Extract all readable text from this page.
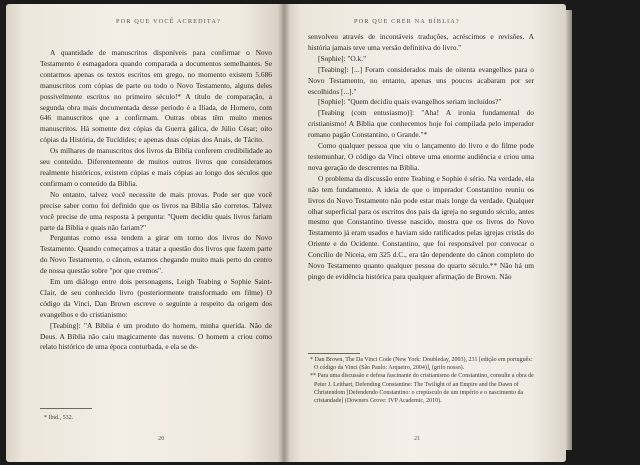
POR QUE VOCÊ ACREDITA?

A quantidade de manuscritos disponíveis para confirmar o Novo Testamento é esmagadora quando comparada a documentos semelhantes. Se contarmos apenas os textos escritos em grego, no momento existem 5.686 manuscritos com cópias de parte ou todo o Novo Testamento, alguns deles possivelmente escritos no primeiro século!* A título de comparação, a segunda obra mais documentada desse período é a Ilíada, de Homero, com 646 manuscritos que a confirmam. Outras obras têm muito menos manuscritos. Há somente dez cópias da Guerra gálica, de Júlio César; oito cópias da História, de Tucídides; e apenas duas cópias dos Anais, de Tácito.

Os milhares de manuscritos dos livros da Bíblia conferem credibilidade ao seu conteúdo. Diferentemente de muitos outros livros que consideramos realmente históricos, existem cópias e mais cópias ao longo dos séculos que confirmam o conteúdo da Bíblia.

No entanto, talvez você necessite de mais provas. Pode ser que você precise saber como foi definido que os livros na Bíblia são corretos. Talvez você precise de uma resposta à pergunta: "Quem decidiu quais livros fariam parte da Bíblia e quais não fariam?"

Perguntas como essa tendem a girar em torno dos livros do Novo Testamento. Quando começamos a tratar a questão dos livros que fazem parte do Novo Testamento, o cânon, estamos chegando muito mais perto do centro de nossa questão sobre "por que cremos".

Em um diálogo entre dois personagens, Leigh Teabing e Sophie Saint-Clair, de seu conhecido livro (posteriormente transformado em filme) O código da Vinci, Dan Brown escreve o seguinte a respeito da origem dos evangelhos e do cristianismo:

[Teabing]: "A Bíblia é um produto do homem, minha querida. Não de Deus. A Bíblia não caiu magicamente das nuvens. O homem a criou como relato histórico de uma época conturbada, e ela se de-

* Ibid., 532.

20
POR QUE CRER NA BÍBLIA?

senvolveu através de incontáveis traduções, acréscimos e revisões. A história jamais teve uma versão definitiva do livro."

[Sophie]: "O.k."

[Teabing]: [...] Foram considerados mais de oitenta evangelhos para o Novo Testamento, no entanto, apenas uns poucos acabaram por ser escolhidos [...]."

[Sophie]: "Quem decidiu quais evangelhos seriam incluídos?"

[Teabing (com entusiasmo)]: "Aha! A ironia fundamental do cristianismo! A Bíblia que conhecemos hoje foi compilada pelo imperador romano pagão Constantino, o Grande."*

Como qualquer pessoa que viu o lançamento do livro e do filme pode testemunhar, O código da Vinci obteve uma enorme audiência e criou uma nova geração de descrentes na Bíblia.

O problema da discussão entre Teabing e Sophie é sério. Na verdade, ela não tem fundamento. A ideia de que o imperador Constantino reuniu os livros do Novo Testamento não pode estar mais longe da verdade. Qualquer olhar superficial para os escritos dos pais da igreja no segundo século, antes mesmo que Constantino tivesse nascido, mostra que os livros do Novo Testamento já eram usados e haviam sido ratificados pelas igrejas cristãs do Oriente e do Ocidente. Constantino, que foi responsável por convocar o Concílio de Niceia, em 325 d.C., era tão dependente do cânon completo do Novo Testamento quanto qualquer pessoa do quarto século.** Não há um pingo de evidência histórica para qualquer afirmação de Brown. Não

* Dan Brown, The Da Vinci Code (New York: Doubleday, 2003), 231 [edição em português: O código da Vinci (São Paulo: Arqueiro, 2004)], (grifo nosso).

** Para uma discussão e defesa fascinante do cristianismo de Constantino, consulte a obra de Peter J. Leithart, Defending Constantine: The Twilight of an Empire and the Dawn of Christendom [Defendendo Constantino: o crepúsculo de um império e o nascimento da cristandade] (Downers Grove: IVP Academic, 2010).

21
